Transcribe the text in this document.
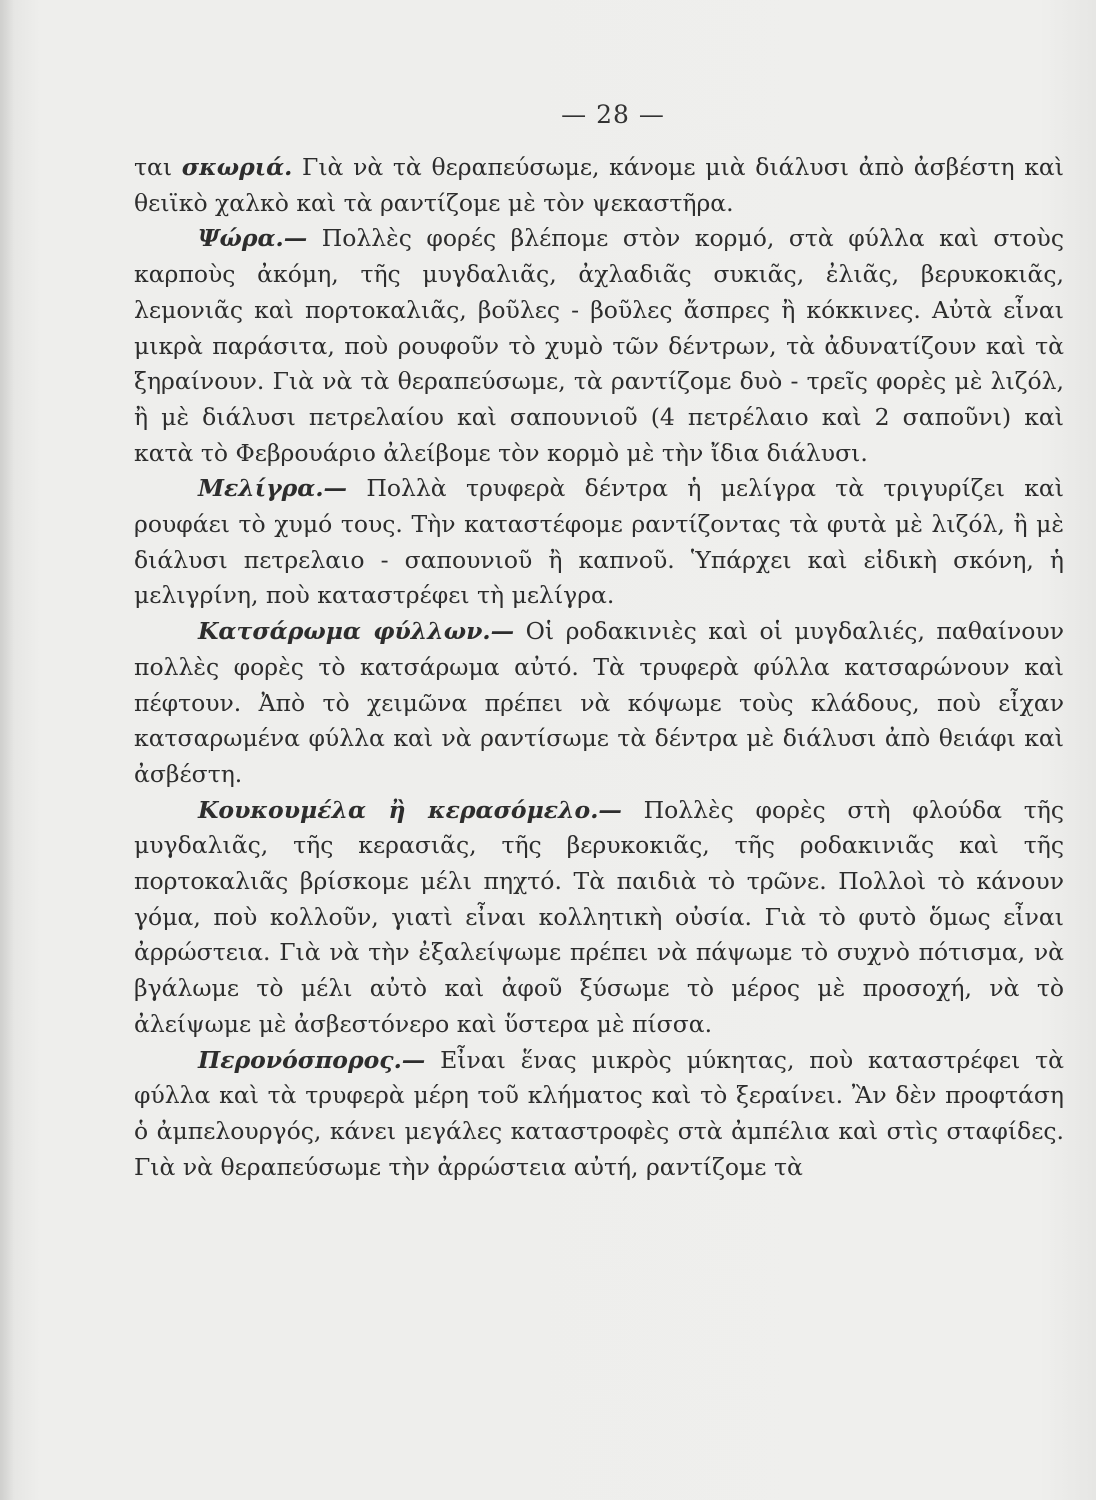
— 28 —

ται σκωριά. Γιὰ νὰ τὰ θεραπεύσωμε, κάνομε μιὰ διάλυσι ἀπὸ ἀσβέστη καὶ θειϊκὸ χαλκὸ καὶ τὰ ραντίζομε μὲ τὸν ψεκαστῆρα.

Ψώρα.— Πολλὲς φορές βλέπομε στὸν κορμό, στὰ φύλλα καὶ στοὺς καρποὺς ἀκόμη, τῆς μυγδαλιᾶς, ἀχλαδιᾶς συκιᾶς, ἐλιᾶς, βερυκοκιᾶς, λεμονιᾶς καὶ πορτοκαλιᾶς, βοῦλες - βοῦλες ἄσπρες ἢ κόκκινες. Αὐτὰ εἶναι μικρὰ παράσιτα, ποὺ ρουφοῦν τὸ χυμὸ τῶν δέντρων, τὰ ἀδυνατίζουν καὶ τὰ ξηραίνουν. Γιὰ νὰ τὰ θεραπεύσωμε, τὰ ραντίζομε δυὸ - τρεῖς φορὲς μὲ λιζόλ, ἢ μὲ διάλυσι πετρελαίου καὶ σαπουνιοῦ (4 πετρέλαιο καὶ 2 σαποῦνι) καὶ κατὰ τὸ Φεβρουάριο ἀλείβομε τὸν κορμὸ μὲ τὴν ἴδια διάλυσι.

Μελίγρα.— Πολλὰ τρυφερὰ δέντρα ἡ μελίγρα τὰ τριγυρίζει καὶ ρουφάει τὸ χυμό τους. Τὴν καταστέφομε ραντίζοντας τὰ φυτὰ μὲ λιζόλ, ἢ μὲ διάλυσι πετρελαιο - σαπουνιοῦ ἢ καπνοῦ. Ὑπάρχει καὶ εἰδικὴ σκόνη, ἡ μελιγρίνη, ποὺ καταστρέφει τὴ μελίγρα.

Κατσάρωμα φύλλων.— Οἱ ροδακινιὲς καὶ οἱ μυγδαλιές, παθαίνουν πολλὲς φορὲς τὸ κατσάρωμα αὐτό. Τὰ τρυφερὰ φύλλα κατσαρώνουν καὶ πέφτουν. Ἀπὸ τὸ χειμῶνα πρέπει νὰ κόψωμε τοὺς κλάδους, ποὺ εἶχαν κατσαρωμένα φύλλα καὶ νὰ ραντίσωμε τὰ δέντρα μὲ διάλυσι ἀπὸ θειάφι καὶ ἀσβέστη.

Κουκουμέλα ἢ κερασόμελο.— Πολλὲς φορὲς στὴ φλούδα τῆς μυγδαλιᾶς, τῆς κερασιᾶς, τῆς βερυκοκιᾶς, τῆς ροδακινιᾶς καὶ τῆς πορτοκαλιᾶς βρίσκομε μέλι πηχτό. Τὰ παιδιὰ τὸ τρῶνε. Πολλοὶ τὸ κάνουν γόμα, ποὺ κολλοῦν, γιατὶ εἶναι κολλητικὴ οὐσία. Γιὰ τὸ φυτὸ ὅμως εἶναι ἀρρώστεια. Γιὰ νὰ τὴν ἐξαλείψωμε πρέπει νὰ πάψωμε τὸ συχνὸ πότισμα, νὰ βγάλωμε τὸ μέλι αὐτὸ καὶ ἀφοῦ ξύσωμε τὸ μέρος μὲ προσοχή, νὰ τὸ ἀλείψωμε μὲ ἀσβεστόνερο καὶ ὕστερα μὲ πίσσα.

Περονόσπορος.— Εἶναι ἕνας μικρὸς μύκητας, ποὺ καταστρέφει τὰ φύλλα καὶ τὰ τρυφερὰ μέρη τοῦ κλήματος καὶ τὸ ξεραίνει. Ἂν δὲν προφτάση ὁ ἀμπελουργός, κάνει μεγάλες καταστροφὲς στὰ ἀμπέλια καὶ στὶς σταφίδες. Γιὰ νὰ θεραπεύσωμε τὴν ἀρρώστεια αὐτή, ραντίζομε τὰ
